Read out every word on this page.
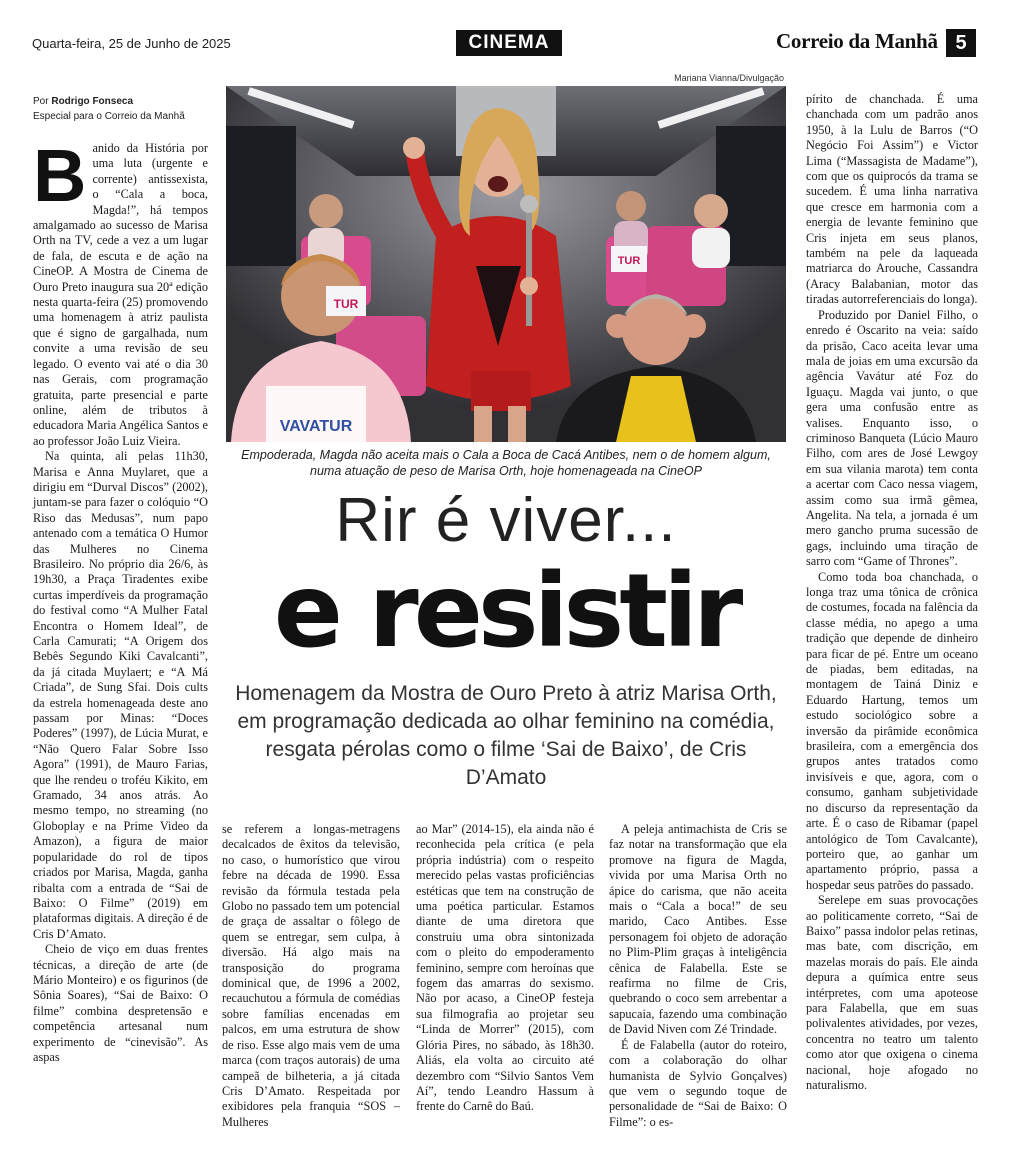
Quarta-feira, 25 de Junho de 2025	CINEMA	Correio da Manhã 5
Mariana Vianna/Divulgação
Por Rodrigo Fonseca
Especial para o Correio da Manhã
VAVATUR
TUR
TUR
Empoderada, Magda não aceita mais o Cala a Boca de Cacá Antibes, nem o de homem algum, numa atuação de peso de Marisa Orth, hoje homenageada na CineOP
Rir é viver...
e resistir
Homenagem da Mostra de Ouro Preto à atriz Marisa Orth, em programação dedicada ao olhar feminino na comédia, resgata pérolas como o filme ‘Sai de Baixo’, de Cris D’Amato
B anido da História por uma luta (urgente e corrente) antissexista, o “Cala a boca, Magda!”, há tempos amalgamado ao sucesso de Marisa Orth na TV, cede a vez a um lugar de fala, de escuta e de ação na CineOP. A Mostra de Cinema de Ouro Preto inaugura sua 20ª edição nesta quarta-feira (25) promovendo uma homenagem à atriz paulista que é signo de gargalhada, num convite a uma revisão de seu legado. O evento vai até o dia 30 nas Gerais, com programação gratuita, parte presencial e parte online, além de tributos à educadora Maria Angélica Santos e ao professor João Luiz Vieira.

Na quinta, ali pelas 11h30, Marisa e Anna Muylaret, que a dirigiu em “Durval Discos” (2002), juntam-se para fazer o colóquio “O Riso das Medusas”, num papo antenado com a temática O Humor das Mulheres no Cinema Brasileiro. No próprio dia 26/6, às 19h30, a Praça Tiradentes exibe curtas imperdíveis da programação do festival como “A Mulher Fatal Encontra o Homem Ideal”, de Carla Camurati; “A Origem dos Bebês Segundo Kiki Cavalcanti”, da já citada Muylaert; e “A Má Criada”, de Sung Sfai. Dois cults da estrela homenageada deste ano passam por Minas: “Doces Poderes” (1997), de Lúcia Murat, e “Não Quero Falar Sobre Isso Agora” (1991), de Mauro Farias, que lhe rendeu o troféu Kikito, em Gramado, 34 anos atrás. Ao mesmo tempo, no streaming (no Globoplay e na Prime Video da Amazon), a figura de maior popularidade do rol de tipos criados por Marisa, Magda, ganha ribalta com a entrada de “Sai de Baixo: O Filme” (2019) em plataformas digitais. A direção é de Cris D’Amato.

Cheio de viço em duas frentes técnicas, a direção de arte (de Mário Monteiro) e os figurinos (de Sônia Soares), “Sai de Baixo: O filme” combina despretensão e competência artesanal num experimento de “cinevisão”. As aspas

se referem a longas-metragens decalcados de êxitos da televisão, no caso, o humorístico que virou febre na década de 1990. Essa revisão da fórmula testada pela Globo no passado tem um potencial de graça de assaltar o fôlego de quem se entregar, sem culpa, à diversão. Há algo mais na transposição do programa dominical que, de 1996 a 2002, recauchutou a fórmula de comédias sobre famílias encenadas em palcos, em uma estrutura de show de riso. Esse algo mais vem de uma marca (com traços autorais) de uma campeã de bilheteria, a já citada Cris D’Amato. Respeitada por exibidores pela franquia “SOS – Mulheres

ao Mar” (2014-15), ela ainda não é reconhecida pela crítica (e pela própria indústria) com o respeito merecido pelas vastas proficiências estéticas que tem na construção de uma poética particular. Estamos diante de uma diretora que construiu uma obra sintonizada com o pleito do empoderamento feminino, sempre com heroínas que fogem das amarras do sexismo. Não por acaso, a CineOP festeja sua filmografia ao projetar seu “Linda de Morrer” (2015), com Glória Pires, no sábado, às 18h30. Aliás, ela volta ao circuito até dezembro com “Silvio Santos Vem Aí”, tendo Leandro Hassum à frente do Carnê do Baú.

A peleja antimachista de Cris se faz notar na transformação que ela promove na figura de Magda, vivida por uma Marisa Orth no ápice do carisma, que não aceita mais o “Cala a boca!” de seu marido, Caco Antibes. Esse personagem foi objeto de adoração no Plim-Plim graças à inteligência cênica de Falabella. Este se reafirma no filme de Cris, quebrando o coco sem arrebentar a sapucaia, fazendo uma combinação de David Niven com Zé Trindade.

É de Falabella (autor do roteiro, com a colaboração do olhar humanista de Sylvio Gonçalves) que vem o segundo toque de personalidade de “Sai de Baixo: O Filme”: o es-

pírito de chanchada. É uma chanchada com um padrão anos 1950, à la Lulu de Barros (“O Negócio Foi Assim”) e Victor Lima (“Massagista de Madame”), com que os quiprocós da trama se sucedem. É uma linha narrativa que cresce em harmonia com a energia de levante feminino que Cris injeta em seus planos, também na pele da laqueada matriarca do Arouche, Cassandra (Aracy Balabanian, motor das tiradas autorreferenciais do longa).

Produzido por Daniel Filho, o enredo é Oscarito na veia: saído da prisão, Caco aceita levar uma mala de joias em uma excursão da agência Vavátur até Foz do Iguaçu. Magda vai junto, o que gera uma confusão entre as valises. Enquanto isso, o criminoso Banqueta (Lúcio Mauro Filho, com ares de José Lewgoy em sua vilania marota) tem conta a acertar com Caco nessa viagem, assim como sua irmã gêmea, Angelita. Na tela, a jornada é um mero gancho pruma sucessão de gags, incluindo uma tiração de sarro com “Game of Thrones”.

Como toda boa chanchada, o longa traz uma tônica de crônica de costumes, focada na falência da classe média, no apego a uma tradição que depende de dinheiro para ficar de pé. Entre um oceano de piadas, bem editadas, na montagem de Tainá Diniz e Eduardo Hartung, temos um estudo sociológico sobre a inversão da pirâmide econômica brasileira, com a emergência dos grupos antes tratados como invisíveis e que, agora, com o consumo, ganham subjetividade no discurso da representação da arte. É o caso de Ribamar (papel antológico de Tom Cavalcante), porteiro que, ao ganhar um apartamento próprio, passa a hospedar seus patrões do passado.

Serelepe em suas provocações ao politicamente correto, “Sai de Baixo” passa indolor pelas retinas, mas bate, com discrição, em mazelas morais do país. Ele ainda depura a química entre seus intérpretes, com uma apoteose para Falabella, que em suas polivalentes atividades, por vezes, concentra no teatro um talento como ator que oxigena o cinema nacional, hoje afogado no naturalismo.
